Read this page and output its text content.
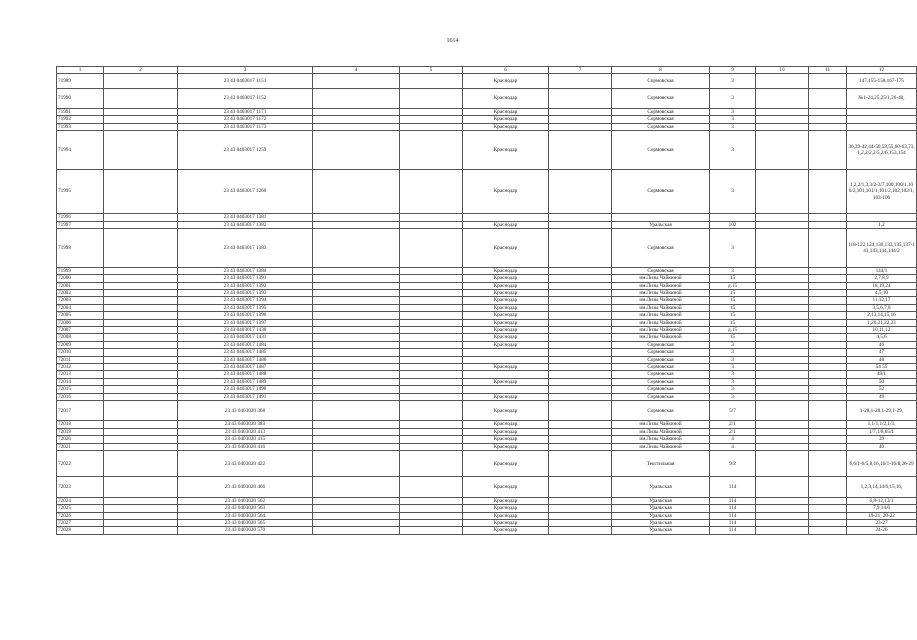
1614
1	2	3	4	5	6	7	8	9	10	11	12
71989		23 43 0403017 1151			Краснодар		Сормовская	3			147,155-158,167-175
71990		23 43 0403017 1152			Краснодар		Сормовская	3			№1-24,25,25/1,26-40,
71991		23 43 0403017 1171			Краснодар		Сормовская	3			
71992		23 43 0403017 1172			Краснодар		Сормовская	3			
71993		23 43 0403017 1173			Краснодар		Сормовская	3			
71994		23 43 0403017 1259			Краснодар		Сормовская	3			36,39-42,44-50,53,55,60-63,73,1,2,2/2,2/5,2/6,153,154
71995		23 43 0403017 1260			Краснодар		Сормовская	3			1,2,2/1,3,3/2-3/7,100,100/1,100/2,101,101/1,101/2,102,102/1,103-106
71996		23 43 0403017 1381									
71997		23 43 0403017 1382			Краснодар		Уральская	102			1,2
71998		23 43 0403017 1383			Краснодар		Сормовская	3			118-122,124,130,133,135,137-141,143,144,144/2
71999		23 43 0403017 1384			Краснодар		Сормовская	3			144/1
72000		23 43 0403017 1391			Краснодар		им.Лизы Чайкиной	15			2,7,8,9
72001		23 43 0403017 1392			Краснодар		им.Лизы Чайкиной	д.15			18,19,24
72002		23 43 0403017 1393			Краснодар		им.Лизы Чайкиной	15			4,5,10
72003		23 43 0403017 1394			Краснодар		им.Лизы Чайкиной	15			11,12,17
72004		23 43 0403017 1395			Краснодар		им.Лизы Чайкиной	15			3,5,6,7,8
72005		23 43 0403017 1396			Краснодар		им.Лизы Чайкиной	15			2,13,14,15,16
72006		23 43 0403017 1397			Краснодар		им.Лизы Чайкиной	15			1,20,21,22,23
72007		23 43 0403017 1430			Краснодар		им.Лизы Чайкиной	д.15			10,11,12
72008		23 43 0403017 1431			Краснодар		им.Лизы Чайкиной	15			4,5,6
72009		23 43 0403017 1484			Краснодар		Сормовская	3			46
72010		23 43 0403017 1485					Сормовская	3			47
72011		23 43 0403017 1486					Сормовская	3			48
72012		23 43 0403017 1487			Краснодар		Сормовская	3			54 55
72013		23 43 0403017 1488					Сормовская	3			49/1
72014		23 43 0403017 1489			Краснодар		Сормовская	3			50
72015		23 43 0403017 1490					Сормовская	3			52
72016		23 43 0403017 1491			Краснодар		Сормовская	3			49
72017		23 43 0403020 368			Краснодар		Сормовская	5/7			1-28,1-28,1-29,1-29,
72018		23 43 0403020 383			Краснодар		им.Лизы Чайкиной	2/1			1,1/1,1/2,1/3,
72019		23 43 0403020 413			Краснодар		им.Лизы Чайкиной	2/1			1/7,1/8,65/1
72020		23 43 0403020 415			Краснодар		им.Лизы Чайкиной	4			39
72021		23 43 0403020 416			Краснодар		им.Лизы Чайкиной	4			40
72022		23 43 0403020 422			Краснодар		Текстильная	9/2			6,6/1-6/5,8,16,16/1-16/8,26-29
72023		23 43 0403020 466			Краснодар		Уральская	114			1,2,3,14,14/6,15,16,
72024		23 43 0403020 562			Краснодар		Уральская	114			6,8-12,13/1
72025		23 43 0403020 563			Краснодар		Уральская	114			7,9,14/6
72026		23 43 0403020 564			Краснодар		Уральская	114			19-21, 20-22
72027		23 43 0403020 565			Краснодар		Уральская	114			23-27
72028		23 43 0403020 570			Краснодар		Уральская	114			24-26
